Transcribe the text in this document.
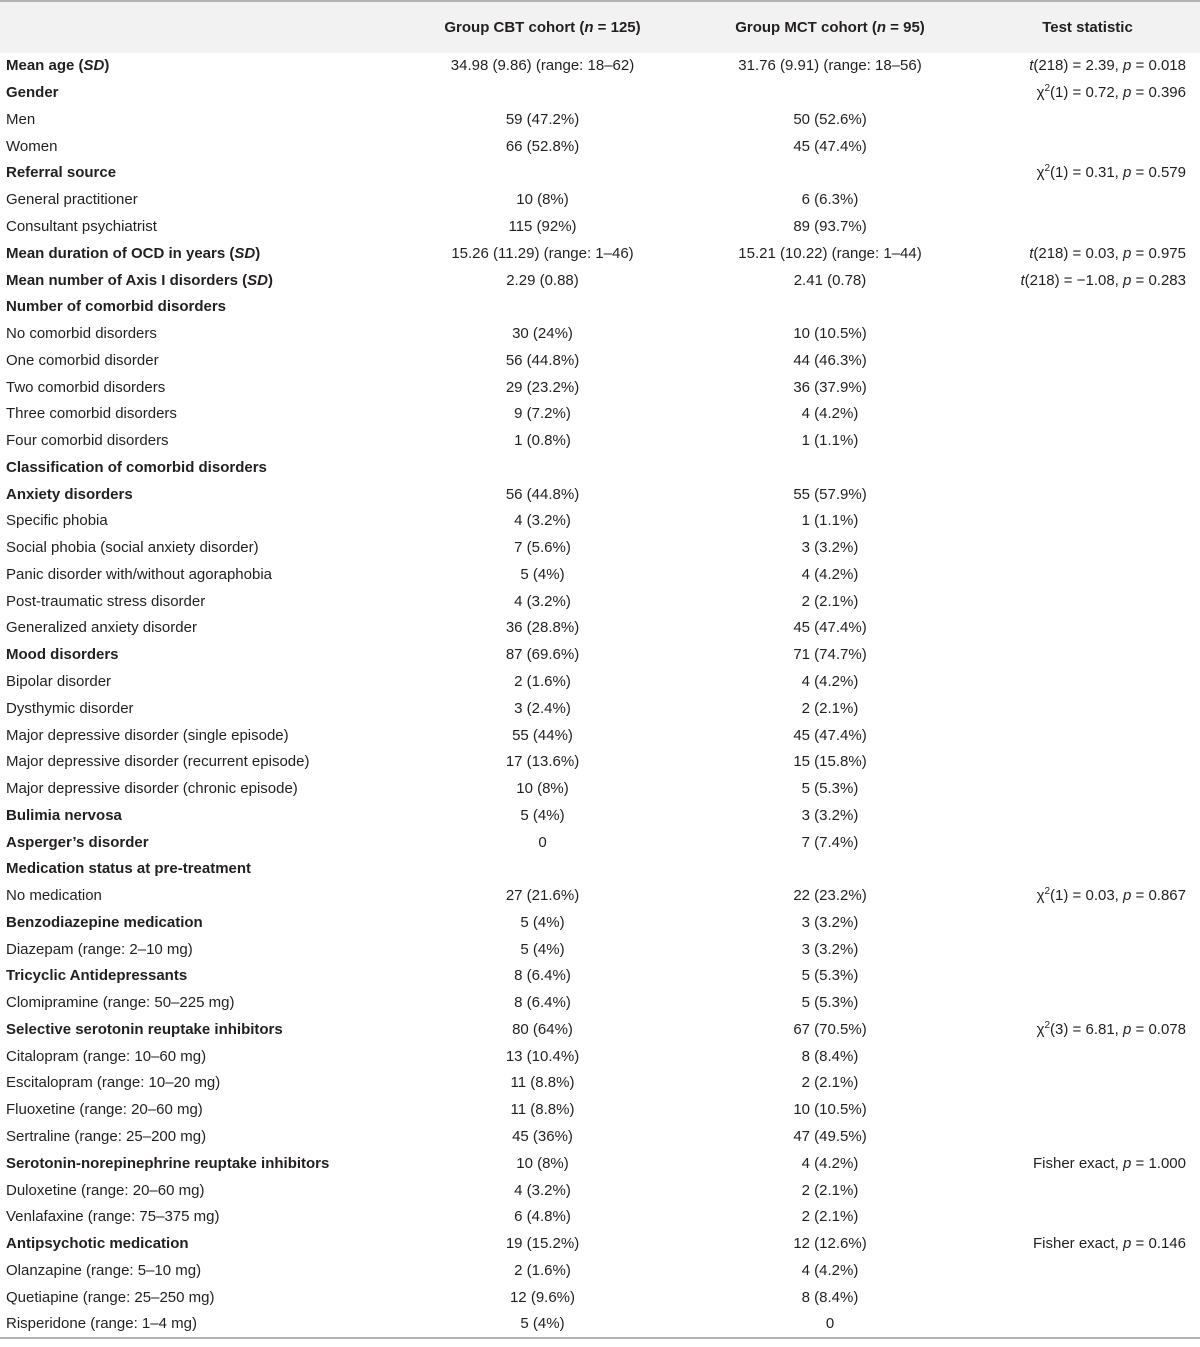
	Group CBT cohort (n = 125)	Group MCT cohort (n = 95)	Test statistic
Mean age (SD)	34.98 (9.86) (range: 18–62)	31.76 (9.91) (range: 18–56)	t(218) = 2.39, p = 0.018
Gender			$\chi^2(1) = 0.72$, p = 0.396
Men	59 (47.2%)	50 (52.6%)	
Women	66 (52.8%)	45 (47.4%)	
Referral source			$\chi^2(1) = 0.31$, p = 0.579
General practitioner	10 (8%)	6 (6.3%)	
Consultant psychiatrist	115 (92%)	89 (93.7%)	
Mean duration of OCD in years (SD)	15.26 (11.29) (range: 1–46)	15.21 (10.22) (range: 1–44)	t(218) = 0.03, p = 0.975
Mean number of Axis I disorders (SD)	2.29 (0.88)	2.41 (0.78)	t(218) = −1.08, p = 0.283
Number of comorbid disorders			
No comorbid disorders	30 (24%)	10 (10.5%)	
One comorbid disorder	56 (44.8%)	44 (46.3%)	
Two comorbid disorders	29 (23.2%)	36 (37.9%)	
Three comorbid disorders	9 (7.2%)	4 (4.2%)	
Four comorbid disorders	1 (0.8%)	1 (1.1%)	
Classification of comorbid disorders			
Anxiety disorders	56 (44.8%)	55 (57.9%)	
Specific phobia	4 (3.2%)	1 (1.1%)	
Social phobia (social anxiety disorder)	7 (5.6%)	3 (3.2%)	
Panic disorder with/without agoraphobia	5 (4%)	4 (4.2%)	
Post-traumatic stress disorder	4 (3.2%)	2 (2.1%)	
Generalized anxiety disorder	36 (28.8%)	45 (47.4%)	
Mood disorders	87 (69.6%)	71 (74.7%)	
Bipolar disorder	2 (1.6%)	4 (4.2%)	
Dysthymic disorder	3 (2.4%)	2 (2.1%)	
Major depressive disorder (single episode)	55 (44%)	45 (47.4%)	
Major depressive disorder (recurrent episode)	17 (13.6%)	15 (15.8%)	
Major depressive disorder (chronic episode)	10 (8%)	5 (5.3%)	
Bulimia nervosa	5 (4%)	3 (3.2%)	
Asperger’s disorder	0	7 (7.4%)	
Medication status at pre-treatment			
No medication	27 (21.6%)	22 (23.2%)	$\chi^2(1) = 0.03$, p = 0.867
Benzodiazepine medication	5 (4%)	3 (3.2%)	
Diazepam (range: 2–10 mg)	5 (4%)	3 (3.2%)	
Tricyclic Antidepressants	8 (6.4%)	5 (5.3%)	
Clomipramine (range: 50–225 mg)	8 (6.4%)	5 (5.3%)	
Selective serotonin reuptake inhibitors	80 (64%)	67 (70.5%)	$\chi^2(3) = 6.81$, p = 0.078
Citalopram (range: 10–60 mg)	13 (10.4%)	8 (8.4%)	
Escitalopram (range: 10–20 mg)	11 (8.8%)	2 (2.1%)	
Fluoxetine (range: 20–60 mg)	11 (8.8%)	10 (10.5%)	
Sertraline (range: 25–200 mg)	45 (36%)	47 (49.5%)	
Serotonin-norepinephrine reuptake inhibitors	10 (8%)	4 (4.2%)	Fisher exact, p = 1.000
Duloxetine (range: 20–60 mg)	4 (3.2%)	2 (2.1%)	
Venlafaxine (range: 75–375 mg)	6 (4.8%)	2 (2.1%)	
Antipsychotic medication	19 (15.2%)	12 (12.6%)	Fisher exact, p = 0.146
Olanzapine (range: 5–10 mg)	2 (1.6%)	4 (4.2%)	
Quetiapine (range: 25–250 mg)	12 (9.6%)	8 (8.4%)	
Risperidone (range: 1–4 mg)	5 (4%)	0	
